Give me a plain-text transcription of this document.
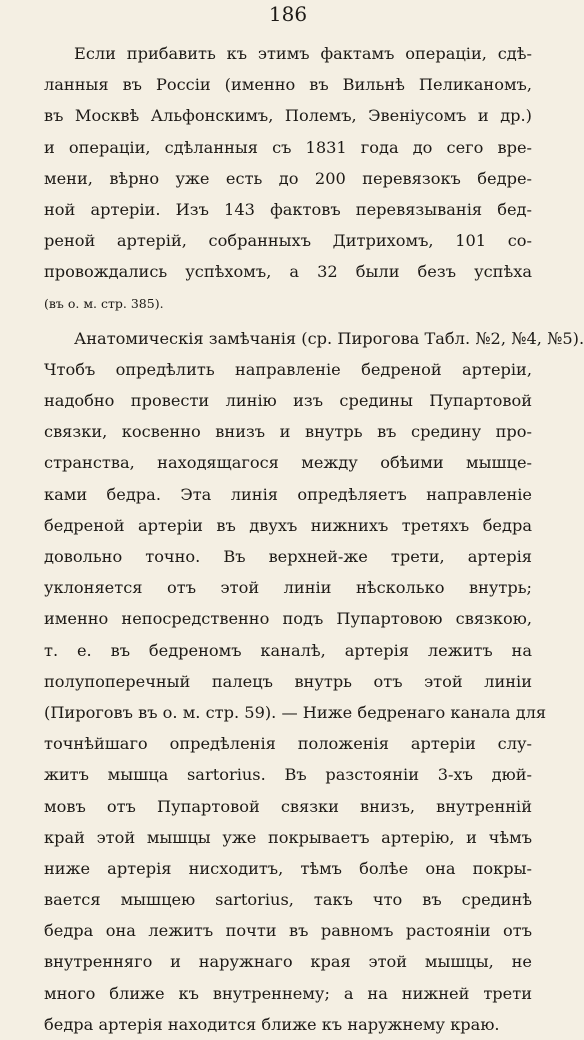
186
Если прибавить къ этимъ фактамъ операціи, сдѣ-
ланныя въ Россіи (именно въ Вильнѣ Пеликаномъ,
въ Москвѣ Альфонскимъ, Полемъ, Эвеніусомъ и др.)
и операціи, сдѣланныя съ 1831 года до сего вре-
мени, вѣрно уже есть до 200 перевязокъ бедре-
ной артеріи. Изъ 143 фактовъ перевязыванія бед-
реной артерій, собранныхъ Дитрихомъ, 101 со-
провождались успѣхомъ, а 32 были безъ успѣха
(въ о. м. стр. 385).
Анатомическія замѣчанія (ср. Пирогова Табл. №2, №4, №5).
Чтобъ опредѣлить направленіе бедреной артеріи,
надобно провести линію изъ средины Пупартовой
связки, косвенно внизъ и внутрь въ средину про-
странства, находящагося между обѣими мышце-
ками бедра. Эта линія опредѣляетъ направленіе
бедреной артеріи въ двухъ нижнихъ третяхъ бедра
довольно точно. Въ верхней-же трети, артерія
уклоняется отъ этой линіи нѣсколько внутрь;
именно непосредственно подъ Пупартовою связкою,
т. е. въ бедреномъ каналѣ, артерія лежитъ на
полупоперечный палецъ внутрь отъ этой линіи
(Пироговъ въ о. м. стр. 59). — Ниже бедренаго канала для
точнѣйшаго опредѣленія положенія артеріи слу-
житъ мышца sartorius. Въ разстояніи 3-хъ дюй-
мовъ отъ Пупартовой связки внизъ, внутренній
край этой мышцы уже покрываетъ артерію, и чѣмъ
ниже артерія нисходитъ, тѣмъ болѣе она покры-
вается мышцею sartorius, такъ что въ срединѣ
бедра она лежитъ почти въ равномъ растояніи отъ
внутренняго и наружнаго края этой мышцы, не
много ближе къ внутреннему; а на нижней трети
бедра артерія находится ближе къ наружнему краю.
